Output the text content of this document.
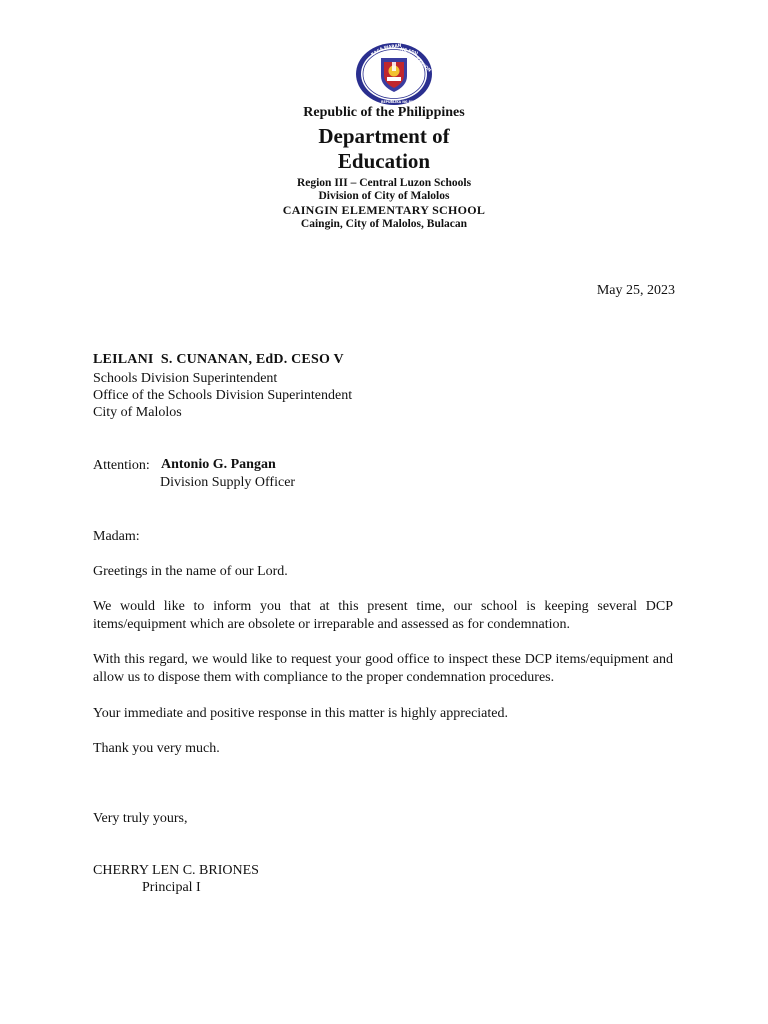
KAGA WARAN
NG EDU
KASYON
REPUBLIKA NG PILIPINAS
Republic of the Philippines
Department of
Education
Region III – Central Luzon Schools
Division of City of Malolos
CAINGIN ELEMENTARY SCHOOL
Caingin, City of Malolos, Bulacan
May 25, 2023
LEILANI  S. CUNANAN, EdD. CESO V
Schools Division Superintendent
Office of the Schools Division Superintendent
City of Malolos
Attention: Antonio G. Pangan
Division Supply Officer
Madam:
Greetings in the name of our Lord.
We would like to inform you that at this present time, our school is keeping several DCP items/equipment which are obsolete or irreparable and assessed as for condemnation.
With this regard, we would like to request your good office to inspect these DCP items/equipment and allow us to dispose them with compliance to the proper condemnation procedures.
Your immediate and positive response in this matter is highly appreciated.
Thank you very much.
Very truly yours,
CHERRY LEN C. BRIONES
Principal I
